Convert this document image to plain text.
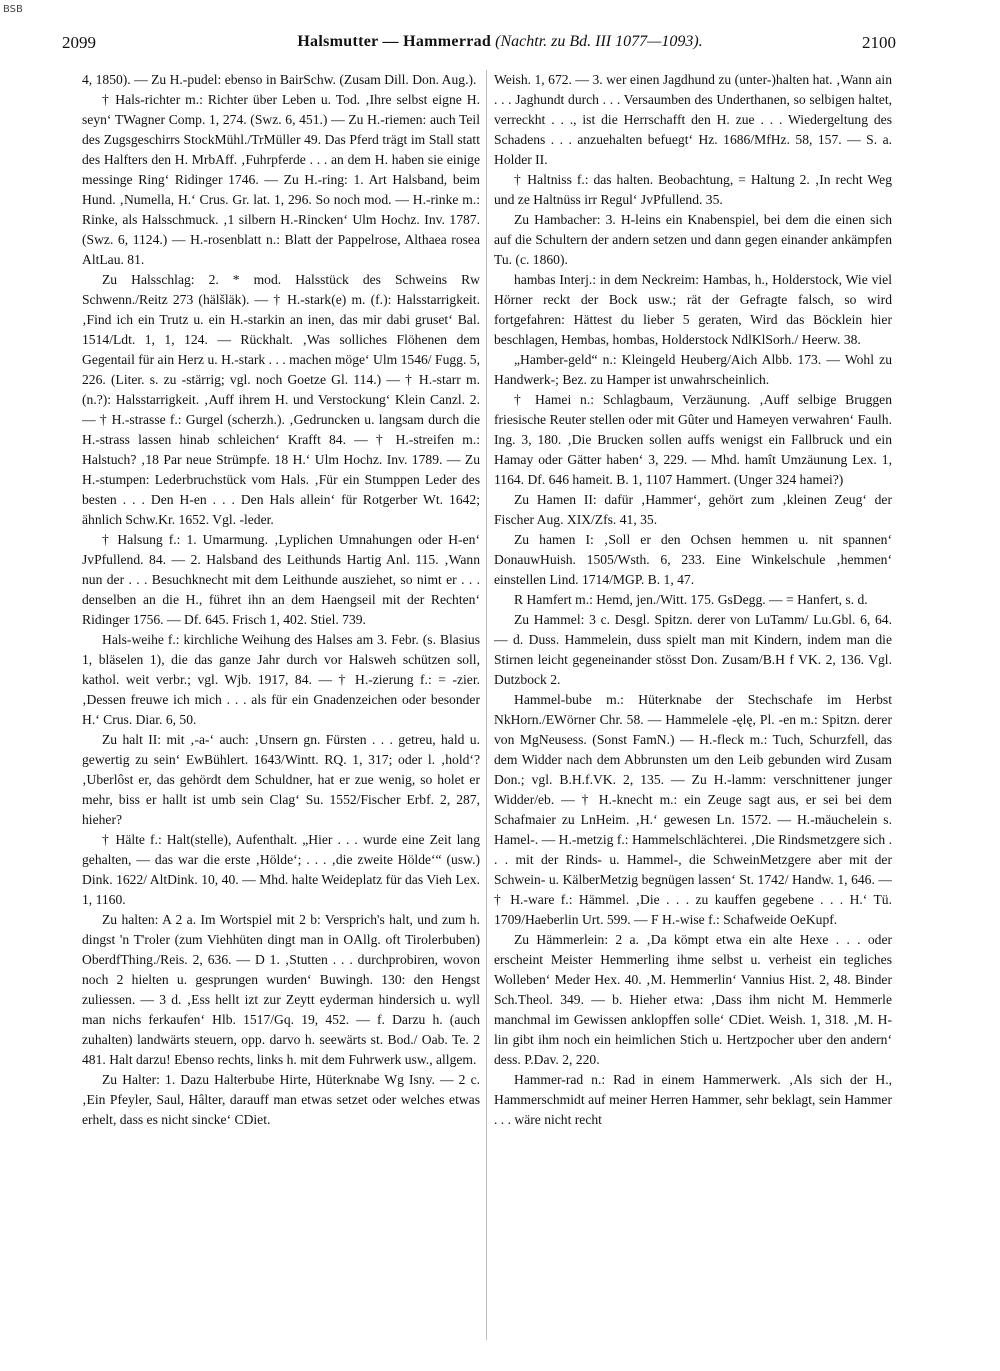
BSB
2099	Halsmutter — Hammerrad (Nachtr. zu Bd. III 1077—1093).	2100

4, 1850). — Zu H.-pudel: ebenso in BairSchw. (Zusam Dill. Don. Aug.).

† Hals-richter m.: Richter über Leben u. Tod. ‚Ihre selbst eigne H. seyn‘ TWagner Comp. 1, 274. (Swz. 6, 451.) — Zu H.-riemen: auch Teil des Zugsgeschirrs StockMühl./TrMüller 49. Das Pferd trägt im Stall statt des Halfters den H. MrbAff. ‚Fuhrpferde . . . an dem H. haben sie einige messinge Ring‘ Ridinger 1746. — Zu H.-ring: 1. Art Halsband, beim Hund. ‚Numella, H.‘ Crus. Gr. lat. 1, 296. So noch mod. — H.-rinke m.: Rinke, als Halsschmuck. ‚1 silbern H.-Rincken‘ Ulm Hochz. Inv. 1787. (Swz. 6, 1124.) — H.-rosenblatt n.: Blatt der Pappelrose, Althaea rosea AltLau. 81.

Zu Halsschlag: 2. * mod. Halsstück des Schweins Rw Schwenn./Reitz 273 (hälšläk). — † H.-stark(e) m. (f.): Halsstarrigkeit. ‚Find ich ein Trutz u. ein H.-starkin an inen, das mir dabi gruset‘ Bal. 1514/Ldt. 1, 1, 124. — Rückhalt. ‚Was solliches Flöhenen dem Gegentail für ain Herz u. H.-stark . . . machen möge‘ Ulm 1546/ Fugg. 5, 226. (Liter. s. zu -stärrig; vgl. noch Goetze Gl. 114.) — † H.-starr m. (n.?): Halsstarrigkeit. ‚Auff ihrem H. und Verstockung‘ Klein Canzl. 2. — † H.-strasse f.: Gurgel (scherzh.). ‚Gedruncken u. langsam durch die H.-strass lassen hinab schleichen‘ Krafft 84. — † H.-streifen m.: Halstuch? ‚18 Par neue Strümpfe. 18 H.‘ Ulm Hochz. Inv. 1789. — Zu H.-stumpen: Lederbruchstück vom Hals. ‚Für ein Stumppen Leder des besten . . . Den H-en . . . Den Hals allein‘ für Rotgerber Wt. 1642; ähnlich Schw.Kr. 1652. Vgl. -leder.

† Halsung f.: 1. Umarmung. ‚Lyplichen Umnahungen oder H-en‘ JvPfullend. 84. — 2. Halsband des Leithunds Hartig Anl. 115. ‚Wann nun der . . . Besuchknecht mit dem Leithunde ausziehet, so nimt er . . . denselben an die H., führet ihn an dem Haengseil mit der Rechten‘ Ridinger 1756. — Df. 645. Frisch 1, 402. Stiel. 739.

Hals-weihe f.: kirchliche Weihung des Halses am 3. Febr. (s. Blasius 1, bläselen 1), die das ganze Jahr durch vor Halsweh schützen soll, kathol. weit verbr.; vgl. Wjb. 1917, 84. — † H.-zierung f.: = -zier. ‚Dessen freuwe ich mich . . . als für ein Gnadenzeichen oder besonder H.‘ Crus. Diar. 6, 50.

Zu halt II: mit ‚-a-‘ auch: ‚Unsern gn. Fürsten . . . getreu, hald u. gewertig zu sein‘ EwBühlert. 1643/Wintt. RQ. 1, 317; oder l. ‚hold‘? ‚Uberlôst er, das gehördt dem Schuldner, hat er zue wenig, so holet er mehr, biss er hallt ist umb sein Clag‘ Su. 1552/Fischer Erbf. 2, 287, hieher?

† Hälte f.: Halt(stelle), Aufenthalt. „Hier . . . wurde eine Zeit lang gehalten, — das war die erste ‚Hölde‘; . . . ‚die zweite Hölde‘“ (usw.) Dink. 1622/ AltDink. 10, 40. — Mhd. halte Weideplatz für das Vieh Lex. 1, 1160.

Zu halten: A 2 a. Im Wortspiel mit 2 b: Versprich's halt, und zum h. dingst 'n T'roler (zum Viehhüten dingt man in OAllg. oft Tirolerbuben) OberdfThing./Reis. 2, 636. — D 1. ‚Stutten . . . durchprobiren, wovon noch 2 hielten u. gesprungen wurden‘ Buwingh. 130: den Hengst zuliessen. — 3 d. ‚Ess hellt izt zur Zeytt eyderman hindersich u. wyll man nichs ferkaufen‘ Hlb. 1517/Gq. 19, 452. — f. Darzu h. (auch zuhalten) landwärts steuern, opp. darvo h. seewärts st. Bod./ Oab. Te. 2 481. Halt darzu! Ebenso rechts, links h. mit dem Fuhrwerk usw., allgem.

Zu Halter: 1. Dazu Halterbube Hirte, Hüterknabe Wg Isny. — 2 c. ‚Ein Pfeyler, Saul, Hâlter, darauff man etwas setzet oder welches etwas erhelt, dass es nicht sincke‘ CDiet.

Weish. 1, 672. — 3. wer einen Jagdhund zu (unter-)halten hat. ‚Wann ain . . . Jaghundt durch . . . Versaumben des Underthanen, so selbigen haltet, verreckht . . ., ist die Herrschafft den H. zue . . . Wiedergeltung des Schadens . . . anzuehalten befuegt‘ Hz. 1686/MfHz. 58, 157. — S. a. Holder II.

† Haltniss f.: das halten. Beobachtung, = Haltung 2. ‚In recht Weg und ze Haltnüss irr Regul‘ JvPfullend. 35.

Zu Hambacher: 3. H-leins ein Knabenspiel, bei dem die einen sich auf die Schultern der andern setzen und dann gegen einander ankämpfen Tu. (c. 1860).

hambas Interj.: in dem Neckreim: Hambas, h., Holderstock, Wie viel Hörner reckt der Bock usw.; rät der Gefragte falsch, so wird fortgefahren: Hättest du lieber 5 geraten, Wird das Böcklein hier beschlagen, Hembas, hombas, Holderstock NdlKlSorh./ Heerw. 38.

„Hamber-geld“ n.: Kleingeld Heuberg/Aich Albb. 173. — Wohl zu Handwerk-; Bez. zu Hamper ist unwahrscheinlich.

† Hamei n.: Schlagbaum, Verzäunung. ‚Auff selbige Bruggen friesische Reuter stellen oder mit Gûter und Hameyen verwahren‘ Faulh. Ing. 3, 180. ‚Die Brucken sollen auffs wenigst ein Fallbruck und ein Hamay oder Gätter haben‘ 3, 229. — Mhd. hamît Umzäunung Lex. 1, 1164. Df. 646 hameit. B. 1, 1107 Hammert. (Unger 324 hamei?)

Zu Hamen II: dafür ‚Hammer‘, gehört zum ‚kleinen Zeug‘ der Fischer Aug. XIX/Zfs. 41, 35.

Zu hamen I: ‚Soll er den Ochsen hemmen u. nit spannen‘ DonauwHuish. 1505/Wsth. 6, 233. Eine Winkelschule ‚hemmen‘ einstellen Lind. 1714/MGP. B. 1, 47.

R Hamfert m.: Hemd, jen./Witt. 175. GsDegg. — = Hanfert, s. d.

Zu Hammel: 3 c. Desgl. Spitzn. derer von LuTamm/ Lu.Gbl. 6, 64. — d. Duss. Hammelein, duss spielt man mit Kindern, indem man die Stirnen leicht gegeneinander stösst Don. Zusam/B.H f VK. 2, 136. Vgl. Dutzbock 2.

Hammel-bube m.: Hüterknabe der Stechschafe im Herbst NkHorn./EWörner Chr. 58. — Hammelele -ęlę, Pl. -en m.: Spitzn. derer von MgNeusess. (Sonst FamN.) — H.-fleck m.: Tuch, Schurzfell, das dem Widder nach dem Abbrunsten um den Leib gebunden wird Zusam Don.; vgl. B.H.f.VK. 2, 135. — Zu H.-lamm: verschnittener junger Widder/eb. — † H.-knecht m.: ein Zeuge sagt aus, er sei bei dem Schafmaier zu LnHeim. ‚H.‘ gewesen Ln. 1572. — H.-mäuchelein s. Hamel-. — H.-metzig f.: Hammelschlächterei. ‚Die Rindsmetzgere sich . . . mit der Rinds- u. Hammel-, die SchweinMetzgere aber mit der Schwein- u. KälberMetzig begnügen lassen‘ St. 1742/ Handw. 1, 646. — † H.-ware f.: Hämmel. ‚Die . . . zu kauffen gegebene . . . H.‘ Tü. 1709/Haeberlin Urt. 599. — F H.-wise f.: Schafweide OeKupf.

Zu Hämmerlein: 2 a. ‚Da kömpt etwa ein alte Hexe . . . oder erscheint Meister Hemmerling ihme selbst u. verheist ein tegliches Wolleben‘ Meder Hex. 40. ‚M. Hemmerlin‘ Vannius Hist. 2, 48. Binder Sch.Theol. 349. — b. Hieher etwa: ‚Dass ihm nicht M. Hemmerle manchmal im Gewissen anklopffen solle‘ CDiet. Weish. 1, 318. ‚M. H-lin gibt ihm noch ein heimlichen Stich u. Hertzpocher uber den andern‘ dess. P.Dav. 2, 220.

Hammer-rad n.: Rad in einem Hammerwerk. ‚Als sich der H., Hammerschmidt auf meiner Herren Hammer, sehr beklagt, sein Hammer . . . wäre nicht recht
